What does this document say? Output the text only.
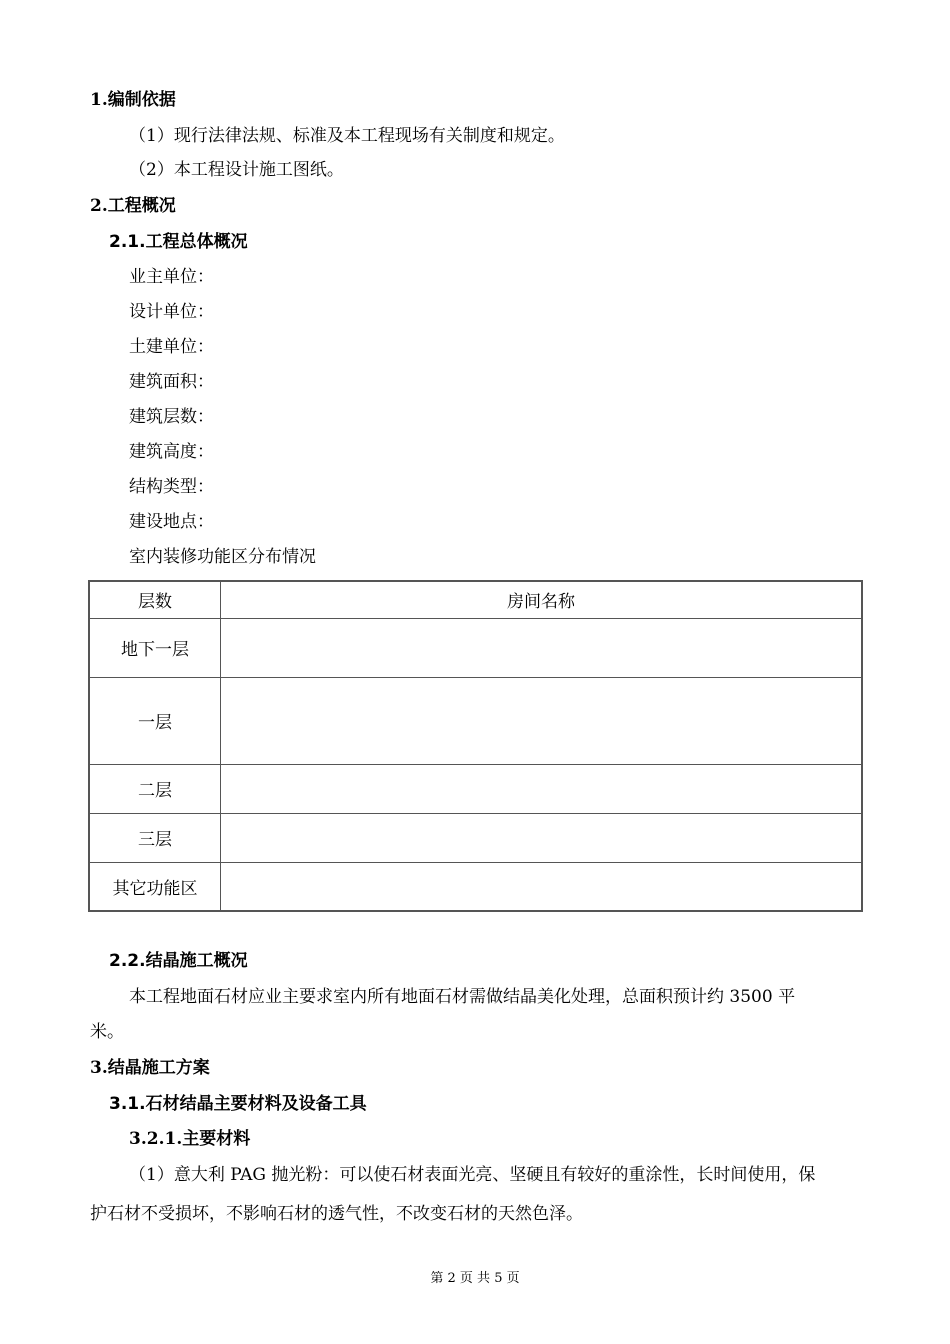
1.编制依据
（1）现行法律法规、标准及本工程现场有关制度和规定。
（2）本工程设计施工图纸。
2.工程概况
2.1.工程总体概况
业主单位：
设计单位：
土建单位：
建筑面积：
建筑层数：
建筑高度：
结构类型：
建设地点：
室内装修功能区分布情况
层数	房间名称
地下一层	
一层	
二层	
三层	
其它功能区	
2.2.结晶施工概况
本工程地面石材应业主要求室内所有地面石材需做结晶美化处理，总面积预计约 3500 平
米。
3.结晶施工方案
3.1.石材结晶主要材料及设备工具
3.2.1.主要材料
（1）意大利 PAG 抛光粉：可以使石材表面光亮、坚硬且有较好的重涂性，长时间使用，保
护石材不受损坏，不影响石材的透气性，不改变石材的天然色泽。
第 2 页 共 5 页
